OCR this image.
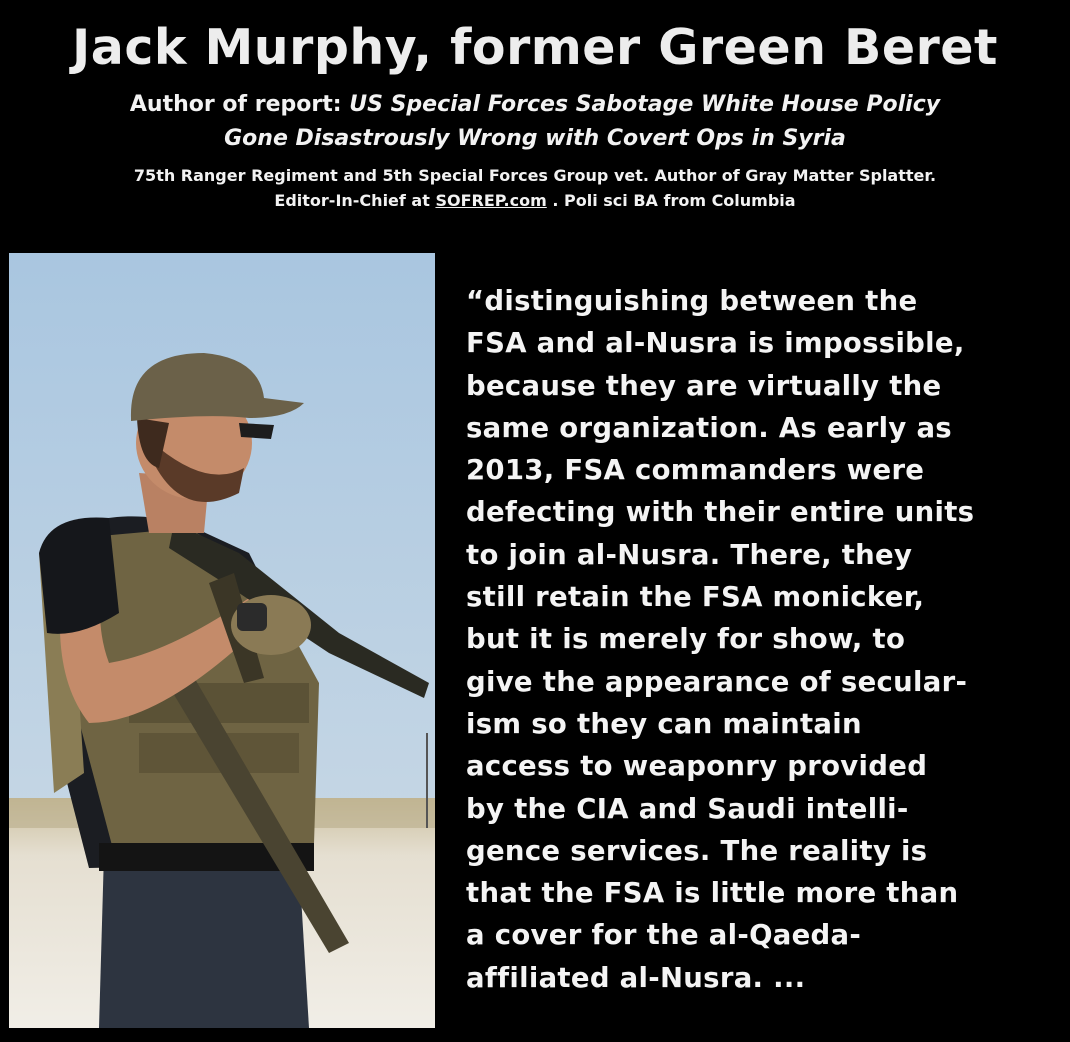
Jack Murphy, former Green Beret
Author of report: US Special Forces Sabotage White House Policy
Gone Disastrously Wrong with Covert Ops in Syria
75th Ranger Regiment and 5th Special Forces Group vet. Author of Gray Matter Splatter.
Editor-In-Chief at SOFREP.com . Poli sci BA from Columbia
“distinguishing between the
FSA and al-Nusra is impossible,
because they are virtually the
same organization. As early as
2013, FSA commanders were
defecting with their entire units
to join al-Nusra. There, they
still retain the FSA monicker,
but it is merely for show, to
give the appearance of secular-
ism so they can maintain
access to weaponry provided
by the CIA and Saudi intelli-
gence services. The reality is
that the FSA is little more than
a cover for the al-Qaeda-
affiliated al-Nusra. ...
